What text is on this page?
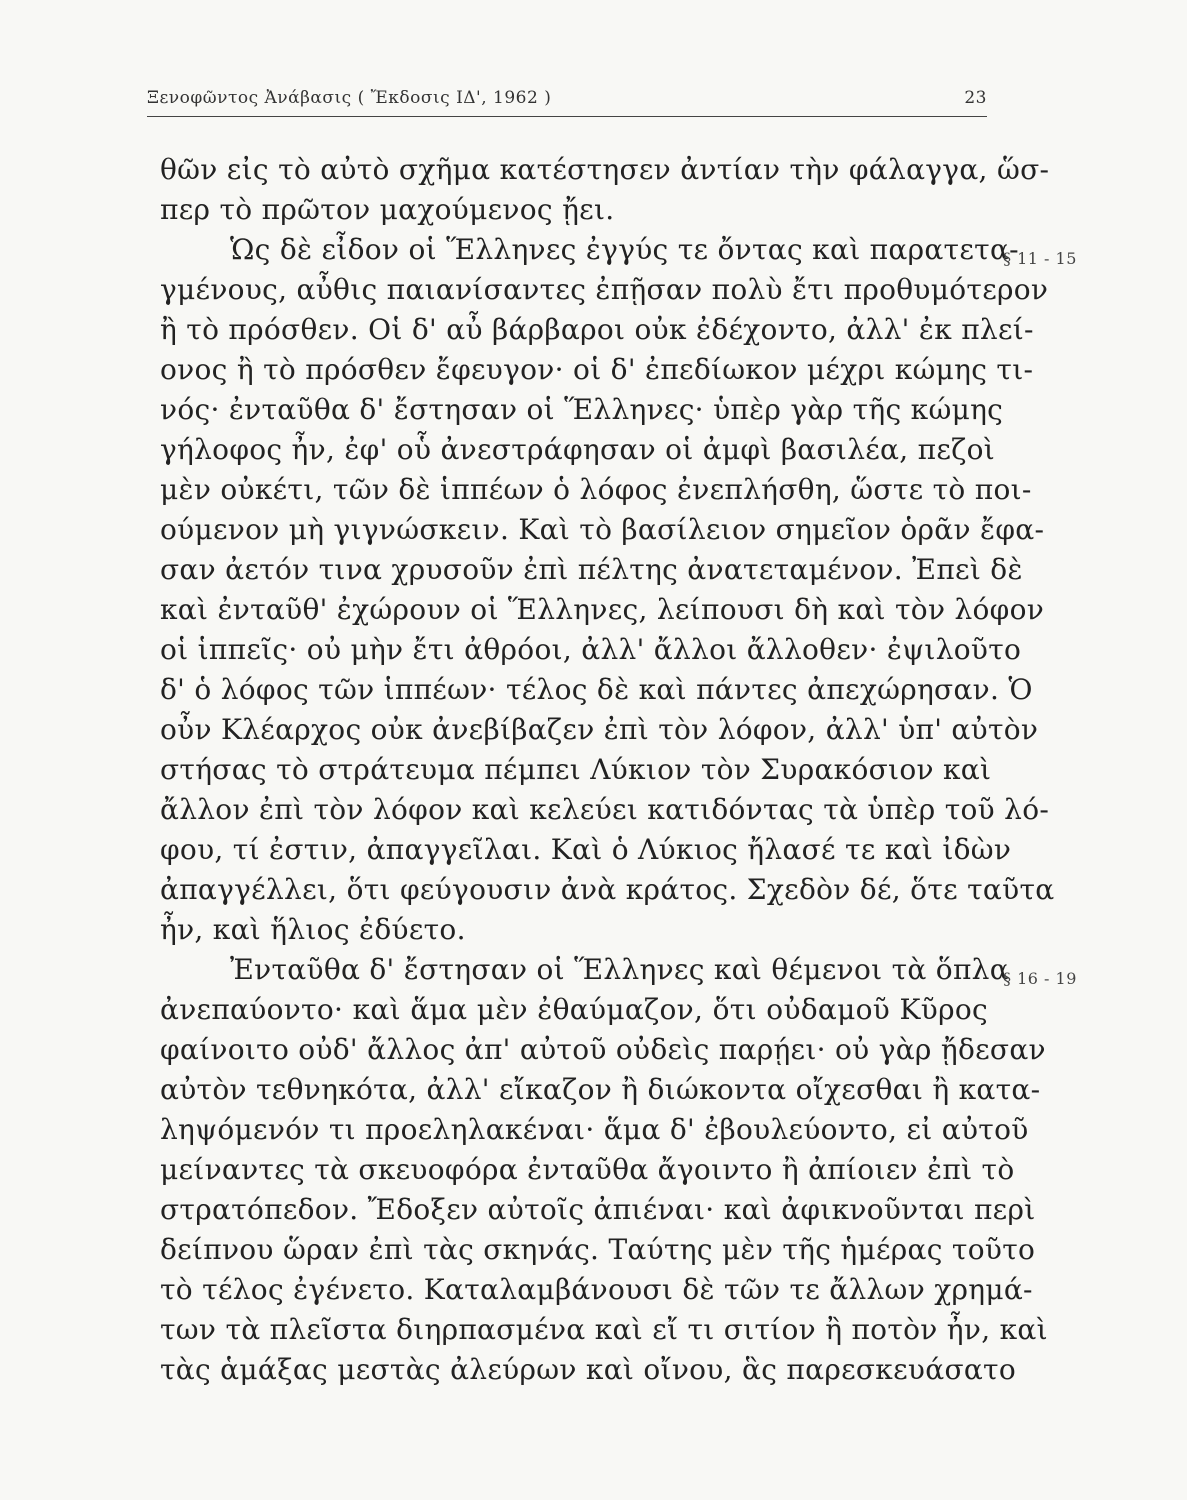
Ξενοφῶντος Ἀνάβασις ( Ἔκδοσις ΙΔ', 1962 )	23
θῶν εἰς τὸ αὐτὸ σχῆμα κατέστησεν ἀντίαν τὴν φάλαγγα, ὥσ-
περ τὸ πρῶτον μαχούμενος ᾔει.
Ὡς δὲ εἶδον οἱ Ἕλληνες ἐγγύς τε ὄντας καὶ παρατετα-
γμένους, αὖθις παιανίσαντες ἐπῇσαν πολὺ ἔτι προθυμότερον
ἢ τὸ πρόσθεν. Οἱ δ' αὖ βάρβαροι οὐκ ἐδέχοντο, ἀλλ' ἐκ πλεί-
ονος ἢ τὸ πρόσθεν ἔφευγον· οἱ δ' ἐπεδίωκον μέχρι κώμης τι-
νός· ἐνταῦθα δ' ἔστησαν οἱ Ἕλληνες· ὑπὲρ γὰρ τῆς κώμης
γήλοφος ἦν, ἐφ' οὗ ἀνεστράφησαν οἱ ἀμφὶ βασιλέα, πεζοὶ
μὲν οὐκέτι, τῶν δὲ ἱππέων ὁ λόφος ἐνεπλήσθη, ὥστε τὸ ποι-
ούμενον μὴ γιγνώσκειν. Καὶ τὸ βασίλειον σημεῖον ὁρᾶν ἔφα-
σαν ἀετόν τινα χρυσοῦν ἐπὶ πέλτης ἀνατεταμένον. Ἐπεὶ δὲ
καὶ ἐνταῦθ' ἐχώρουν οἱ Ἕλληνες, λείπουσι δὴ καὶ τὸν λόφον
οἱ ἱππεῖς· οὐ μὴν ἔτι ἀθρόοι, ἀλλ' ἄλλοι ἄλλοθεν· ἐψιλοῦτο
δ' ὁ λόφος τῶν ἱππέων· τέλος δὲ καὶ πάντες ἀπεχώρησαν. Ὁ
οὖν Κλέαρχος οὐκ ἀνεβίβαζεν ἐπὶ τὸν λόφον, ἀλλ' ὑπ' αὐτὸν
στήσας τὸ στράτευμα πέμπει Λύκιον τὸν Συρακόσιον καὶ
ἄλλον ἐπὶ τὸν λόφον καὶ κελεύει κατιδόντας τὰ ὑπὲρ τοῦ λό-
φου, τί ἐστιν, ἀπαγγεῖλαι. Καὶ ὁ Λύκιος ἤλασέ τε καὶ ἰδὼν
ἀπαγγέλλει, ὅτι φεύγουσιν ἀνὰ κράτος. Σχεδὸν δέ, ὅτε ταῦτα
ἦν, καὶ ἥλιος ἐδύετο.
Ἐνταῦθα δ' ἔστησαν οἱ Ἕλληνες καὶ θέμενοι τὰ ὅπλα
ἀνεπαύοντο· καὶ ἅμα μὲν ἐθαύμαζον, ὅτι οὐδαμοῦ Κῦρος
φαίνοιτο οὐδ' ἄλλος ἀπ' αὐτοῦ οὐδεὶς παρῄει· οὐ γὰρ ᾔδεσαν
αὐτὸν τεθνηκότα, ἀλλ' εἴκαζον ἢ διώκοντα οἴχεσθαι ἢ κατα-
ληψόμενόν τι προεληλακέναι· ἅμα δ' ἐβουλεύοντο, εἰ αὐτοῦ
μείναντες τὰ σκευοφόρα ἐνταῦθα ἄγοιντο ἢ ἀπίοιεν ἐπὶ τὸ
στρατόπεδον. Ἔδοξεν αὐτοῖς ἀπιέναι· καὶ ἀφικνοῦνται περὶ
δείπνου ὥραν ἐπὶ τὰς σκηνάς. Ταύτης μὲν τῆς ἡμέρας τοῦτο
τὸ τέλος ἐγένετο. Καταλαμβάνουσι δὲ τῶν τε ἄλλων χρημά-
των τὰ πλεῖστα διηρπασμένα καὶ εἴ τι σιτίον ἢ ποτὸν ἦν, καὶ
τὰς ἁμάξας μεστὰς ἀλεύρων καὶ οἴνου, ἃς παρεσκευάσατο
§ 11 - 15
§ 16 - 19
